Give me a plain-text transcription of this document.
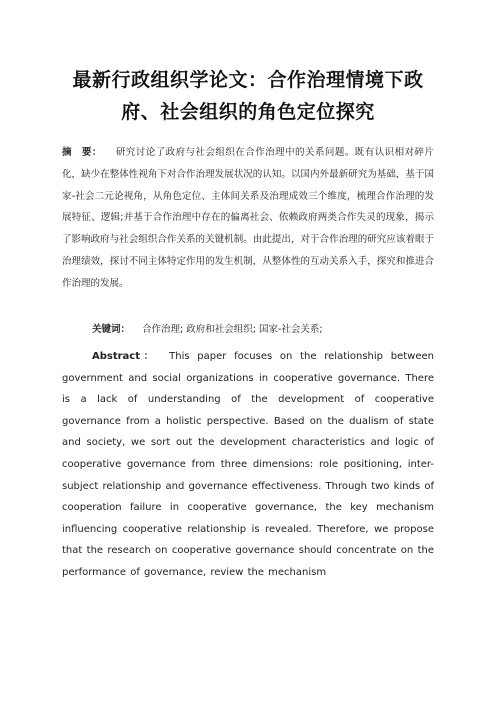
最新行政组织学论文：合作治理情境下政府、社会组织的角色定位探究
摘　要： 研究讨论了政府与社会组织在合作治理中的关系问题。既有认识相对碎片化，缺少在整体性视角下对合作治理发展状况的认知。以国内外最新研究为基础，基于国家-社会二元论视角，从角色定位、主体间关系及治理成效三个维度，梳理合作治理的发展特征、逻辑;并基于合作治理中存在的偏离社会、依赖政府两类合作失灵的现象，揭示了影响政府与社会组织合作关系的关键机制。由此提出，对于合作治理的研究应该着眼于治理绩效，探讨不同主体特定作用的发生机制，从整体性的互动关系入手，探究和推进合作治理的发展。
关键词： 合作治理; 政府和社会组织; 国家-社会关系;
Abstract： This paper focuses on the relationship between government and social organizations in cooperative governance. There is a lack of understanding of the development of cooperative governance from a holistic perspective. Based on the dualism of state and society, we sort out the development characteristics and logic of cooperative governance from three dimensions: role positioning, inter-subject relationship and governance effectiveness. Through two kinds of cooperation failure in cooperative governance, the key mechanism influencing cooperative relationship is revealed. Therefore, we propose that the research on cooperative governance should concentrate on the performance of governance, review the mechanism
